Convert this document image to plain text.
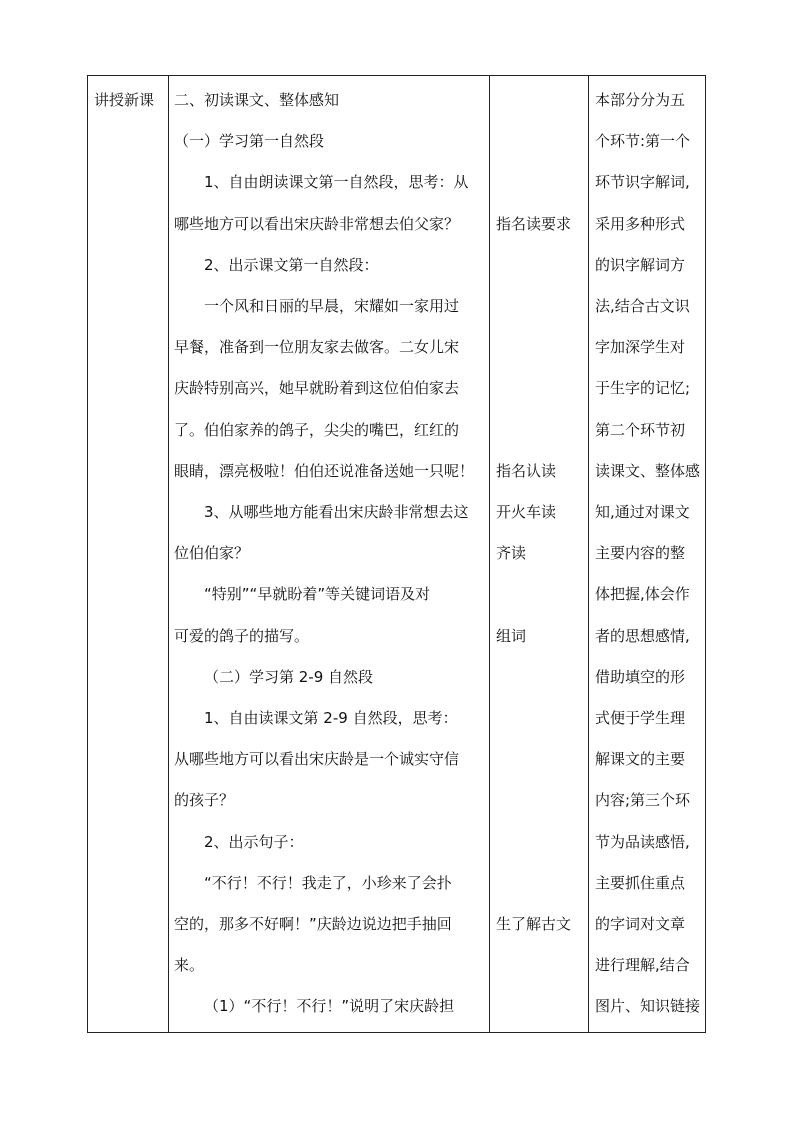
讲授新课 二、初读课文、整体感知
（一）学习第一自然段
1、自由朗读课文第一自然段，思考：从
哪些地方可以看出宋庆龄非常想去伯父家？
2、出示课文第一自然段：
一个风和日丽的早晨，宋耀如一家用过
早餐，准备到一位朋友家去做客。二女儿宋
庆龄特别高兴，她早就盼着到这位伯伯家去
了。伯伯家养的鸽子，尖尖的嘴巴，红红的
眼睛，漂亮极啦！伯伯还说准备送她一只呢！
3、从哪些地方能看出宋庆龄非常想去这
位伯伯家？
“特别”“早就盼着”等关键词语及对
可爱的鸽子的描写。
（二）学习第 2-9 自然段
1、自由读课文第 2-9 自然段，思考：
从哪些地方可以看出宋庆龄是一个诚实守信
的孩子？
2、出示句子：
“不行！不行！我走了，小珍来了会扑
空的，那多不好啊！”庆龄边说边把手抽回
来。
（1）“不行！不行！”说明了宋庆龄担
指名读要求
指名认读
开火车读
齐读
组词
生了解古文
本部分分为五
个环节:第一个
环节识字解词,
采用多种形式
的识字解词方
法,结合古文识
字加深学生对
于生字的记忆;
第二个环节初
读课文、整体感
知,通过对课文
主要内容的整
体把握,体会作
者的思想感情,
借助填空的形
式便于学生理
解课文的主要
内容;第三个环
节为品读感悟,
主要抓住重点
的字词对文章
进行理解,结合
图片、知识链接
